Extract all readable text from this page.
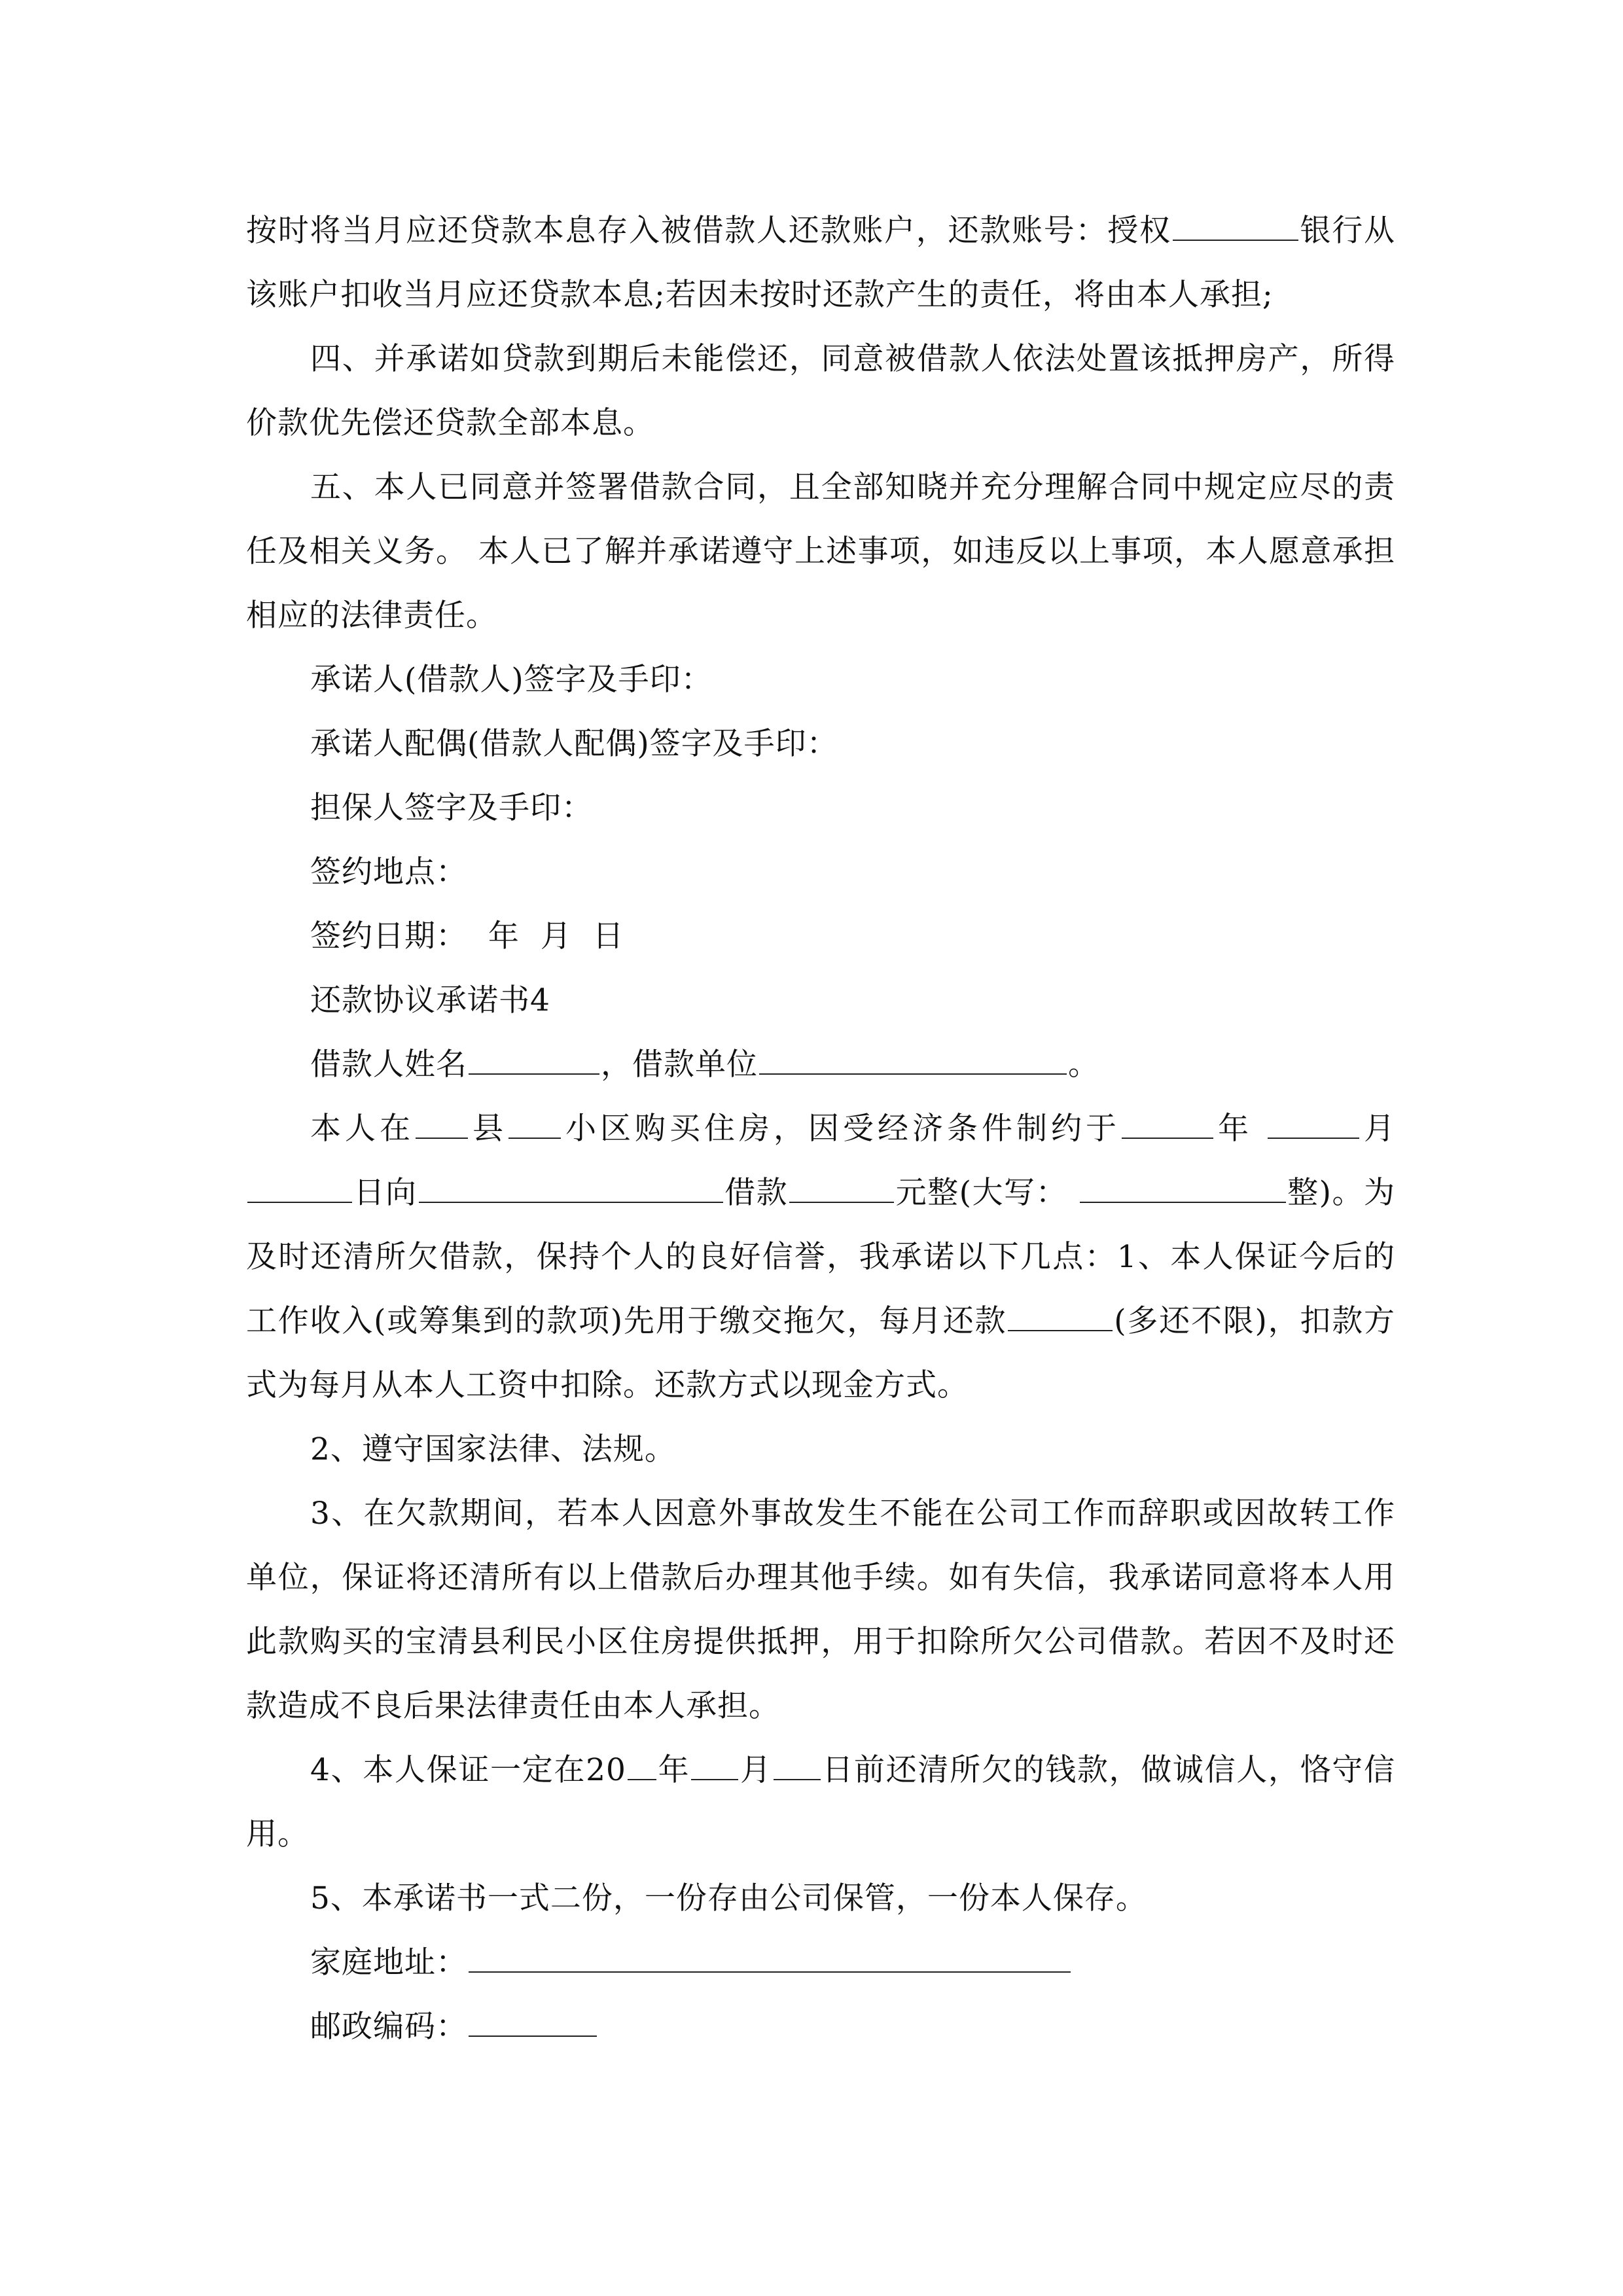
按时将当月应还贷款本息存入被借款人还款账户，还款账号：授权	银行从该账户扣收当月应还贷款本息;若因未按时还款产生的责任，将由本人承担;

四、并承诺如贷款到期后未能偿还，同意被借款人依法处置该抵押房产，所得价款优先偿还贷款全部本息。

五、本人已同意并签署借款合同，且全部知晓并充分理解合同中规定应尽的责任及相关义务。 本人已了解并承诺遵守上述事项，如违反以上事项，本人愿意承担相应的法律责任。

承诺人(借款人)签字及手印：

承诺人配偶(借款人配偶)签字及手印：

担保人签字及手印：

签约地点：

签约日期：  年  月  日

还款协议承诺书4

借款人姓名	，借款单位	。

本人在 县 小区购买住房，因受经济条件制约于	年	月日向	借款	元整(大写：	整)。为及时还清所欠借款，保持个人的良好信誉，我承诺以下几点：1、本人保证今后的工作收入(或筹集到的款项)先用于缴交拖欠，每月还款	(多还不限)，扣款方式为每月从本人工资中扣除。还款方式以现金方式。

2、遵守国家法律、法规。

3、在欠款期间，若本人因意外事故发生不能在公司工作而辞职或因故转工作单位，保证将还清所有以上借款后办理其他手续。如有失信，我承诺同意将本人用此款购买的宝清县利民小区住房提供抵押，用于扣除所欠公司借款。若因不及时还款造成不良后果法律责任由本人承担。

4、本人保证一定在20 年 月 日前还清所欠的钱款，做诚信人，恪守信用。

5、本承诺书一式二份，一份存由公司保管，一份本人保存。

家庭地址：

邮政编码：
